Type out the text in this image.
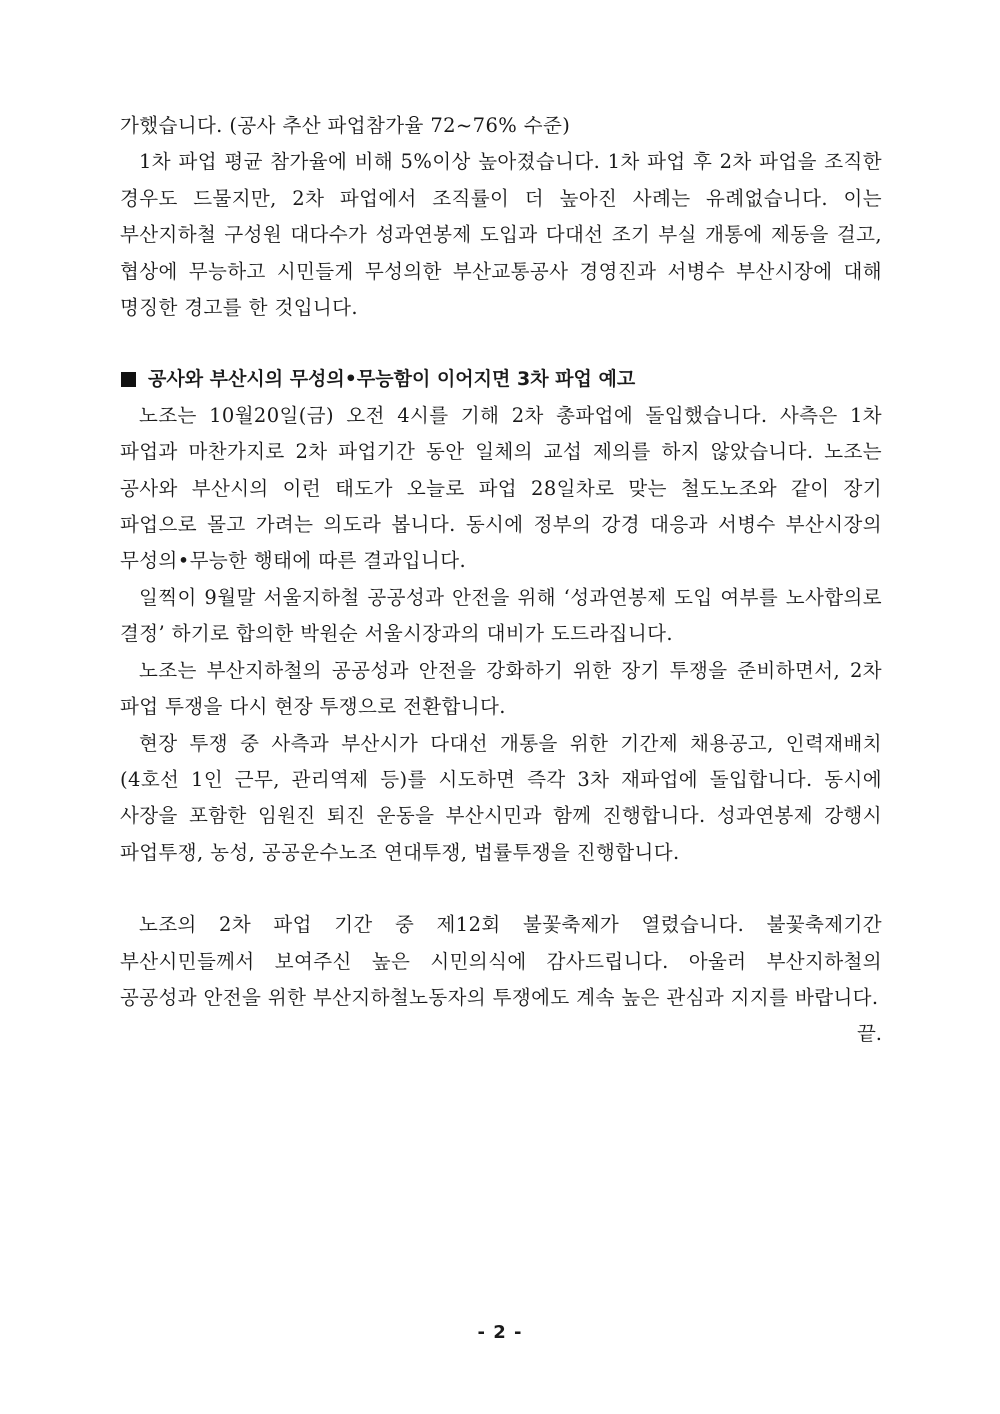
가했습니다. (공사 추산 파업참가율 72~76% 수준)

1차 파업 평균 참가율에 비해 5%이상 높아졌습니다. 1차 파업 후 2차 파업을 조직한 경우도 드물지만, 2차 파업에서 조직률이 더 높아진 사례는 유례없습니다. 이는 부산지하철 구성원 대다수가 성과연봉제 도입과 다대선 조기 부실 개통에 제동을 걸고, 협상에 무능하고 시민들게 무성의한 부산교통공사 경영진과 서병수 부산시장에 대해 명징한 경고를 한 것입니다.

공사와 부산시의 무성의•무능함이 이어지면 3차 파업 예고

노조는 10월20일(금) 오전 4시를 기해 2차 총파업에 돌입했습니다. 사측은 1차 파업과 마찬가지로 2차 파업기간 동안 일체의 교섭 제의를 하지 않았습니다. 노조는 공사와 부산시의 이런 태도가 오늘로 파업 28일차로 맞는 철도노조와 같이 장기 파업으로 몰고 가려는 의도라 봅니다. 동시에 정부의 강경 대응과 서병수 부산시장의 무성의•무능한 행태에 따른 결과입니다.

일찍이 9월말 서울지하철 공공성과 안전을 위해 ‘성과연봉제 도입 여부를 노사합의로 결정’ 하기로 합의한 박원순 서울시장과의 대비가 도드라집니다.

노조는 부산지하철의 공공성과 안전을 강화하기 위한 장기 투쟁을 준비하면서, 2차 파업 투쟁을 다시 현장 투쟁으로 전환합니다.

현장 투쟁 중 사측과 부산시가 다대선 개통을 위한 기간제 채용공고, 인력재배치(4호선 1인 근무, 관리역제 등)를 시도하면 즉각 3차 재파업에 돌입합니다. 동시에 사장을 포함한 임원진 퇴진 운동을 부산시민과 함께 진행합니다. 성과연봉제 강행시 파업투쟁, 농성, 공공운수노조 연대투쟁, 법률투쟁을 진행합니다.

노조의 2차 파업 기간 중 제12회 불꽃축제가 열렸습니다. 불꽃축제기간 부산시민들께서 보여주신 높은 시민의식에 감사드립니다. 아울러 부산지하철의 공공성과 안전을 위한 부산지하철노동자의 투쟁에도 계속 높은 관심과 지지를 바랍니다.

끝.

- 2 -
